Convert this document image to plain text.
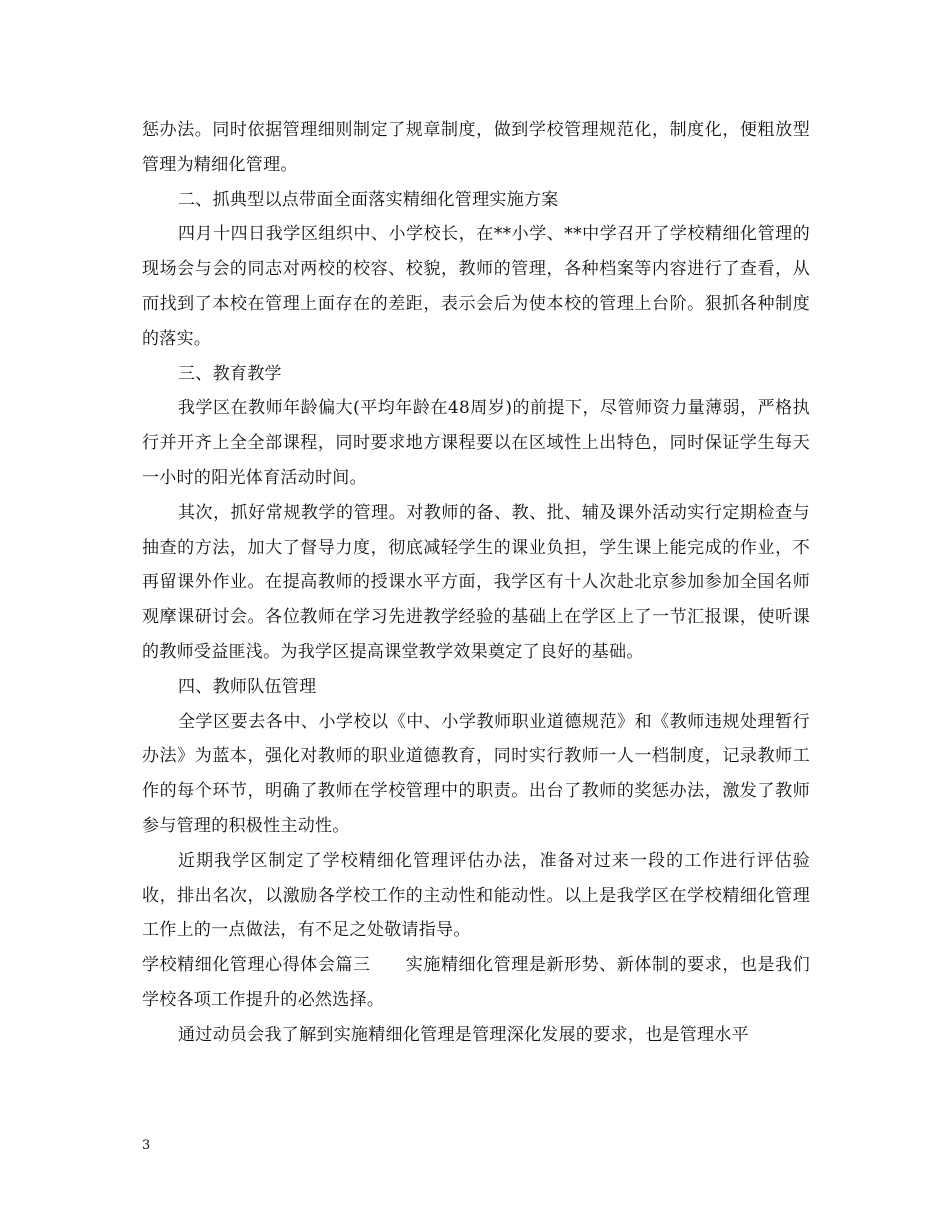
惩办法。同时依据管理细则制定了规章制度，做到学校管理规范化，制度化，便粗放型管理为精细化管理。

二、抓典型以点带面全面落实精细化管理实施方案

四月十四日我学区组织中、小学校长，在**小学、**中学召开了学校精细化管理的现场会与会的同志对两校的校容、校貌，教师的管理，各种档案等内容进行了查看，从而找到了本校在管理上面存在的差距，表示会后为使本校的管理上台阶。狠抓各种制度的落实。

三、教育教学

我学区在教师年龄偏大(平均年龄在48周岁)的前提下，尽管师资力量薄弱，严格执行并开齐上全全部课程，同时要求地方课程要以在区域性上出特色，同时保证学生每天一小时的阳光体育活动时间。

其次，抓好常规教学的管理。对教师的备、教、批、辅及课外活动实行定期检查与抽查的方法，加大了督导力度，彻底减轻学生的课业负担，学生课上能完成的作业，不再留课外作业。在提高教师的授课水平方面，我学区有十人次赴北京参加参加全国名师观摩课研讨会。各位教师在学习先进教学经验的基础上在学区上了一节汇报课，使听课的教师受益匪浅。为我学区提高课堂教学效果奠定了良好的基础。

四、教师队伍管理

全学区要去各中、小学校以《中、小学教师职业道德规范》和《教师违规处理暂行办法》为蓝本，强化对教师的职业道德教育，同时实行教师一人一档制度，记录教师工作的每个环节，明确了教师在学校管理中的职责。出台了教师的奖惩办法，激发了教师参与管理的积极性主动性。

近期我学区制定了学校精细化管理评估办法，准备对过来一段的工作进行评估验收，排出名次，以激励各学校工作的主动性和能动性。以上是我学区在学校精细化管理工作上的一点做法，有不足之处敬请指导。

学校精细化管理心得体会篇三　　实施精细化管理是新形势、新体制的要求，也是我们学校各项工作提升的必然选择。

通过动员会我了解到实施精细化管理是管理深化发展的要求，也是管理水平

3
